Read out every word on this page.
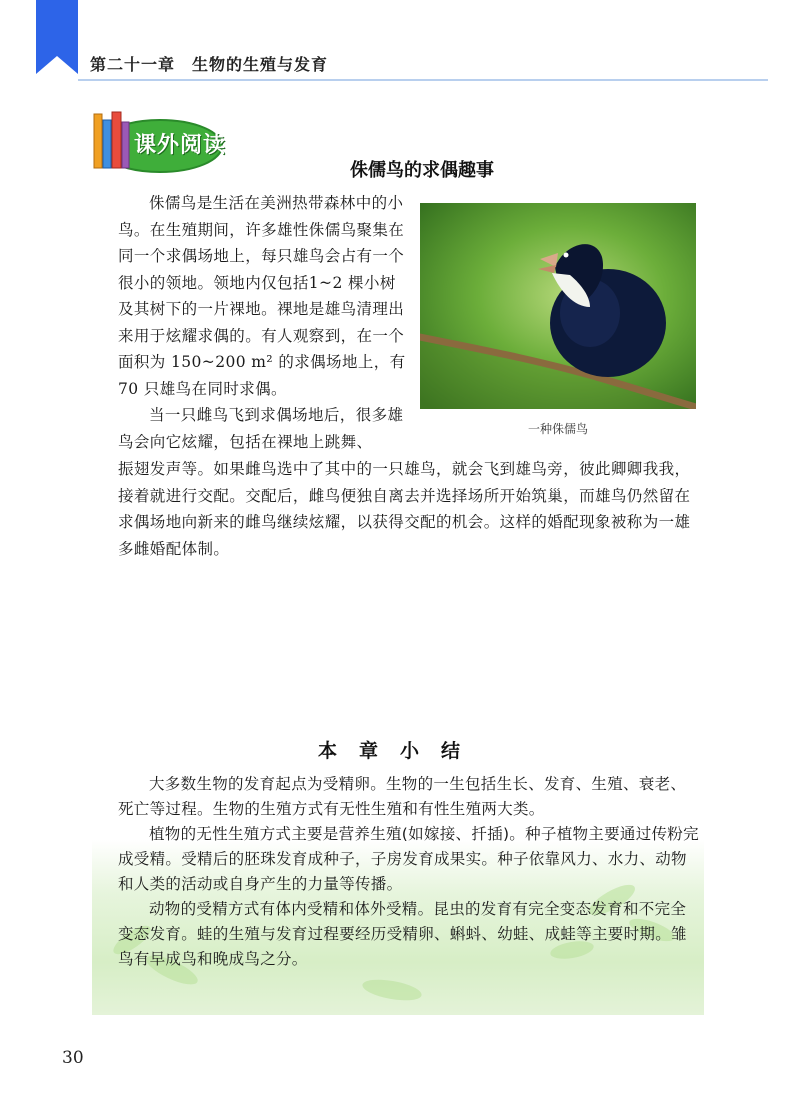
第二十一章　生物的生殖与发育
课外阅读
侏儒鸟的求偶趣事

侏儒鸟是生活在美洲热带森林中的小鸟。在生殖期间，许多雄性侏儒鸟聚集在同一个求偶场地上，每只雄鸟会占有一个很小的领地。领地内仅包括1~2 棵小树及其树下的一片裸地。裸地是雄鸟清理出来用于炫耀求偶的。有人观察到，在一个面积为 150~200 m² 的求偶场地上，有 70 只雄鸟在同时求偶。

当一只雌鸟飞到求偶场地后，很多雄鸟会向它炫耀，包括在裸地上跳舞、

一种侏儒鸟

振翅发声等。如果雌鸟选中了其中的一只雄鸟，就会飞到雄鸟旁，彼此卿卿我我，接着就进行交配。交配后，雌鸟便独自离去并选择场所开始筑巢，而雄鸟仍然留在求偶场地向新来的雌鸟继续炫耀，以获得交配的机会。这样的婚配现象被称为一雄多雌婚配体制。

本章小结

大多数生物的发育起点为受精卵。生物的一生包括生长、发育、生殖、衰老、死亡等过程。生物的生殖方式有无性生殖和有性生殖两大类。

植物的无性生殖方式主要是营养生殖(如嫁接、扦插)。种子植物主要通过传粉完成受精。受精后的胚珠发育成种子，子房发育成果实。种子依靠风力、水力、动物和人类的活动或自身产生的力量等传播。

动物的受精方式有体内受精和体外受精。昆虫的发育有完全变态发育和不完全变态发育。蛙的生殖与发育过程要经历受精卵、蝌蚪、幼蛙、成蛙等主要时期。雏鸟有早成鸟和晚成鸟之分。

30
